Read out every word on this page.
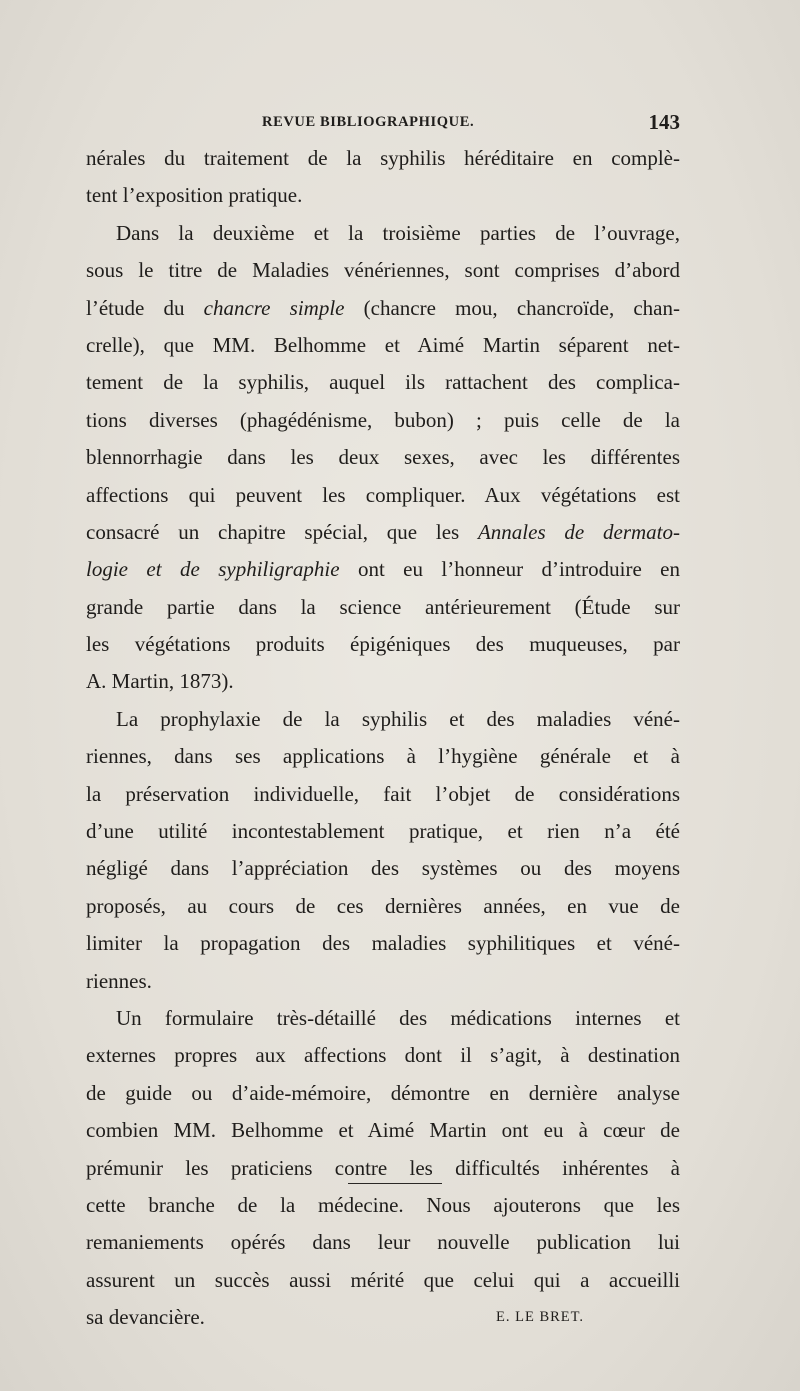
REVUE BIBLIOGRAPHIQUE.	143
nérales du traitement de la syphilis héréditaire en complè-
tent l’exposition pratique.
Dans la deuxième et la troisième parties de l’ouvrage,
sous le titre de Maladies vénériennes, sont comprises d’abord
l’étude du chancre simple (chancre mou, chancroïde, chan-
crelle), que MM. Belhomme et Aimé Martin séparent net-
tement de la syphilis, auquel ils rattachent des complica-
tions diverses (phagédénisme, bubon) ; puis celle de la
blennorrhagie dans les deux sexes, avec les différentes
affections qui peuvent les compliquer. Aux végétations est
consacré un chapitre spécial, que les Annales de dermato-
logie et de syphiligraphie ont eu l’honneur d’introduire en
grande partie dans la science antérieurement (Étude sur
les végétations produits épigéniques des muqueuses, par
A. Martin, 1873).
La prophylaxie de la syphilis et des maladies véné-
riennes, dans ses applications à l’hygiène générale et à
la préservation individuelle, fait l’objet de considérations
d’une utilité incontestablement pratique, et rien n’a été
négligé dans l’appréciation des systèmes ou des moyens
proposés, au cours de ces dernières années, en vue de
limiter la propagation des maladies syphilitiques et véné-
riennes.
Un formulaire très-détaillé des médications internes et
externes propres aux affections dont il s’agit, à destination
de guide ou d’aide-mémoire, démontre en dernière analyse
combien MM. Belhomme et Aimé Martin ont eu à cœur de
prémunir les praticiens contre les difficultés inhérentes à
cette branche de la médecine. Nous ajouterons que les
remaniements opérés dans leur nouvelle publication lui
assurent un succès aussi mérité que celui qui a accueilli
sa devancière.	E. LE BRET.
